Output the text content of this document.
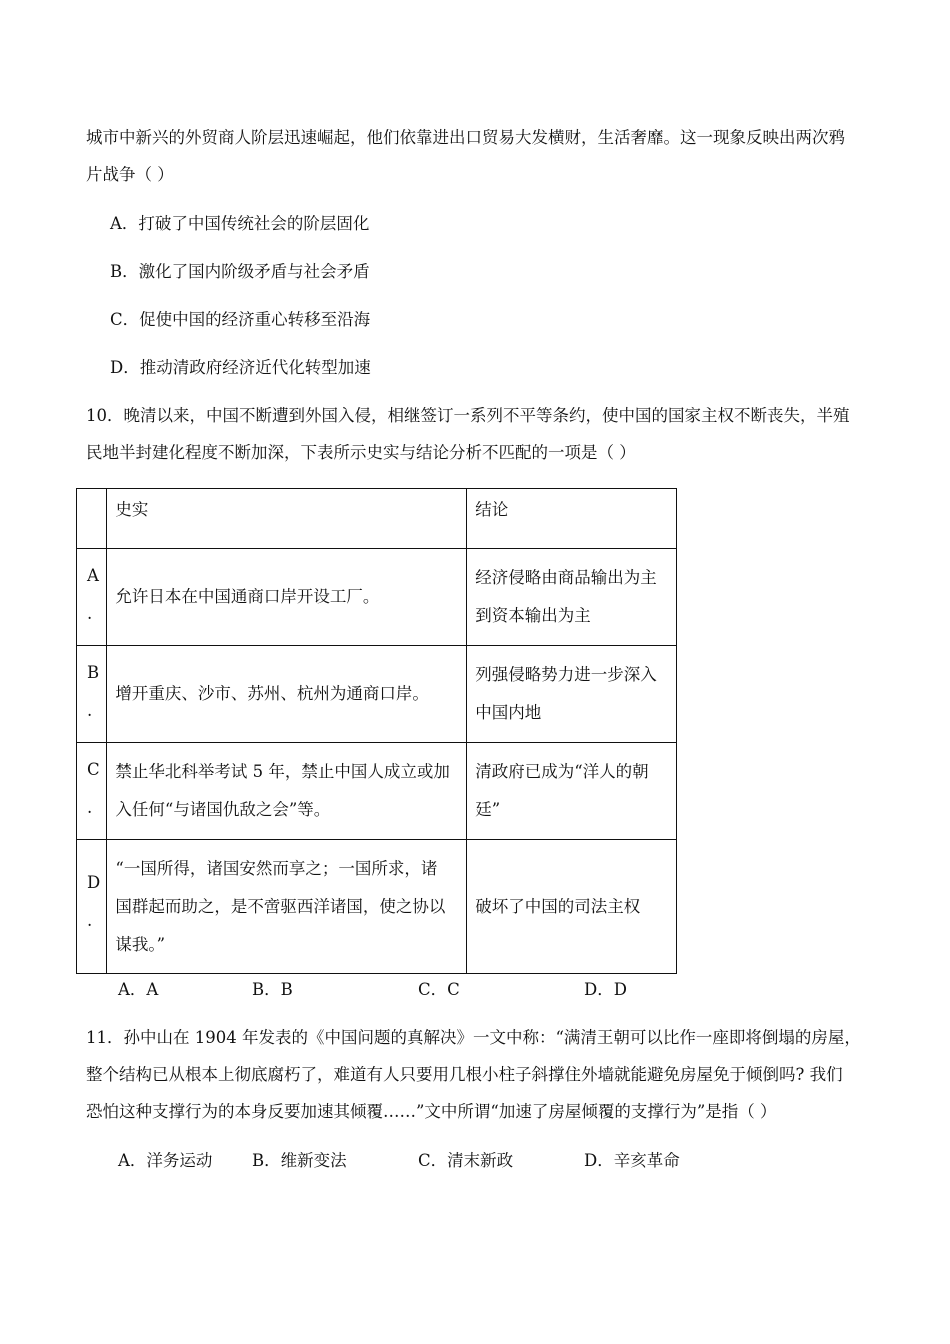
城市中新兴的外贸商人阶层迅速崛起，他们依靠进出口贸易大发横财，生活奢靡。这一现象反映出两次鸦
片战争（ ）
A．打破了中国传统社会的阶层固化
B．激化了国内阶级矛盾与社会矛盾
C．促使中国的经济重心转移至沿海
D．推动清政府经济近代化转型加速
10．晚清以来，中国不断遭到外国入侵，相继签订一系列不平等条约，使中国的国家主权不断丧失，半殖
民地半封建化程度不断加深，下表所示史实与结论分析不匹配的一项是（ ）
	史实	结论

A
.	允许日本在中国通商口岸开设工厂。	经济侵略由商品输出为主
到资本输出为主

B
.	增开重庆、沙市、苏州、杭州为通商口岸。	列强侵略势力进一步深入
中国内地

C
.	禁止华北科举考试 5 年，禁止中国人成立或加
入任何“与诸国仇敌之会”等。	清政府已成为“洋人的朝
廷”

D
.	“一国所得，诸国安然而享之；一国所求，诸
国群起而助之，是不啻驱西洋诸国，使之协以
谋我。”	破坏了中国的司法主权
A．A	B．B	C．C	D．D
11．孙中山在 1904 年发表的《中国问题的真解决》一文中称：“满清王朝可以比作一座即将倒塌的房屋，
整个结构已从根本上彻底腐朽了，难道有人只要用几根小柱子斜撑住外墙就能避免房屋免于倾倒吗? 我们
恐怕这种支撑行为的本身反要加速其倾覆……”文中所谓“加速了房屋倾覆的支撑行为”是指（ ）
A．洋务运动 B．维新变法	C．清末新政	D．辛亥革命
